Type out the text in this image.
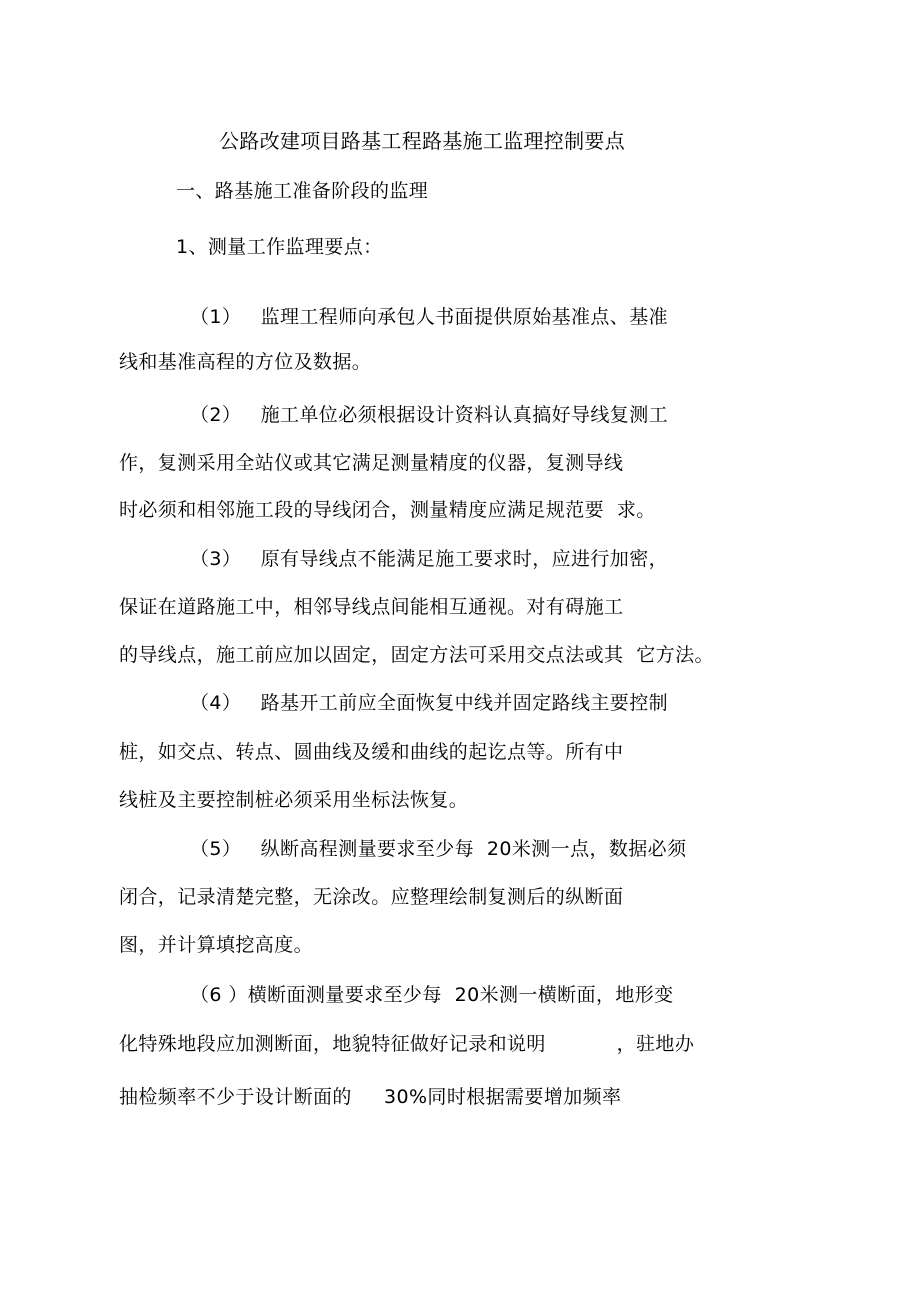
公路改建项目路基工程路基施工监理控制要点
一、路基施工准备阶段的监理
1、测量工作监理要点：
（1）   监理工程师向承包人书面提供原始基准点、基准
线和基准高程的方位及数据。
（2）   施工单位必须根据设计资料认真搞好导线复测工
作，复测采用全站仪或其它满足测量精度的仪器，复测导线
时必须和相邻施工段的导线闭合，测量精度应满足规范要  求。
（3）   原有导线点不能满足施工要求时，应进行加密，
保证在道路施工中，相邻导线点间能相互通视。对有碍施工
的导线点，施工前应加以固定，固定方法可采用交点法或其  它方法。
（4）   路基开工前应全面恢复中线并固定路线主要控制
桩，如交点、转点、圆曲线及缓和曲线的起讫点等。所有中
线桩及主要控制桩必须采用坐标法恢复。
（5）   纵断高程测量要求至少每  20米测一点，数据必须
闭合，记录清楚完整，无涂改。应整理绘制复测后的纵断面
图，并计算填挖高度。
（6 ）横断面测量要求至少每  20米测一横断面，地形变
化特殊地段应加测断面，地貌特征做好记录和说明           ，驻地办
抽检频率不少于设计断面的     30%同时根据需要增加频率
